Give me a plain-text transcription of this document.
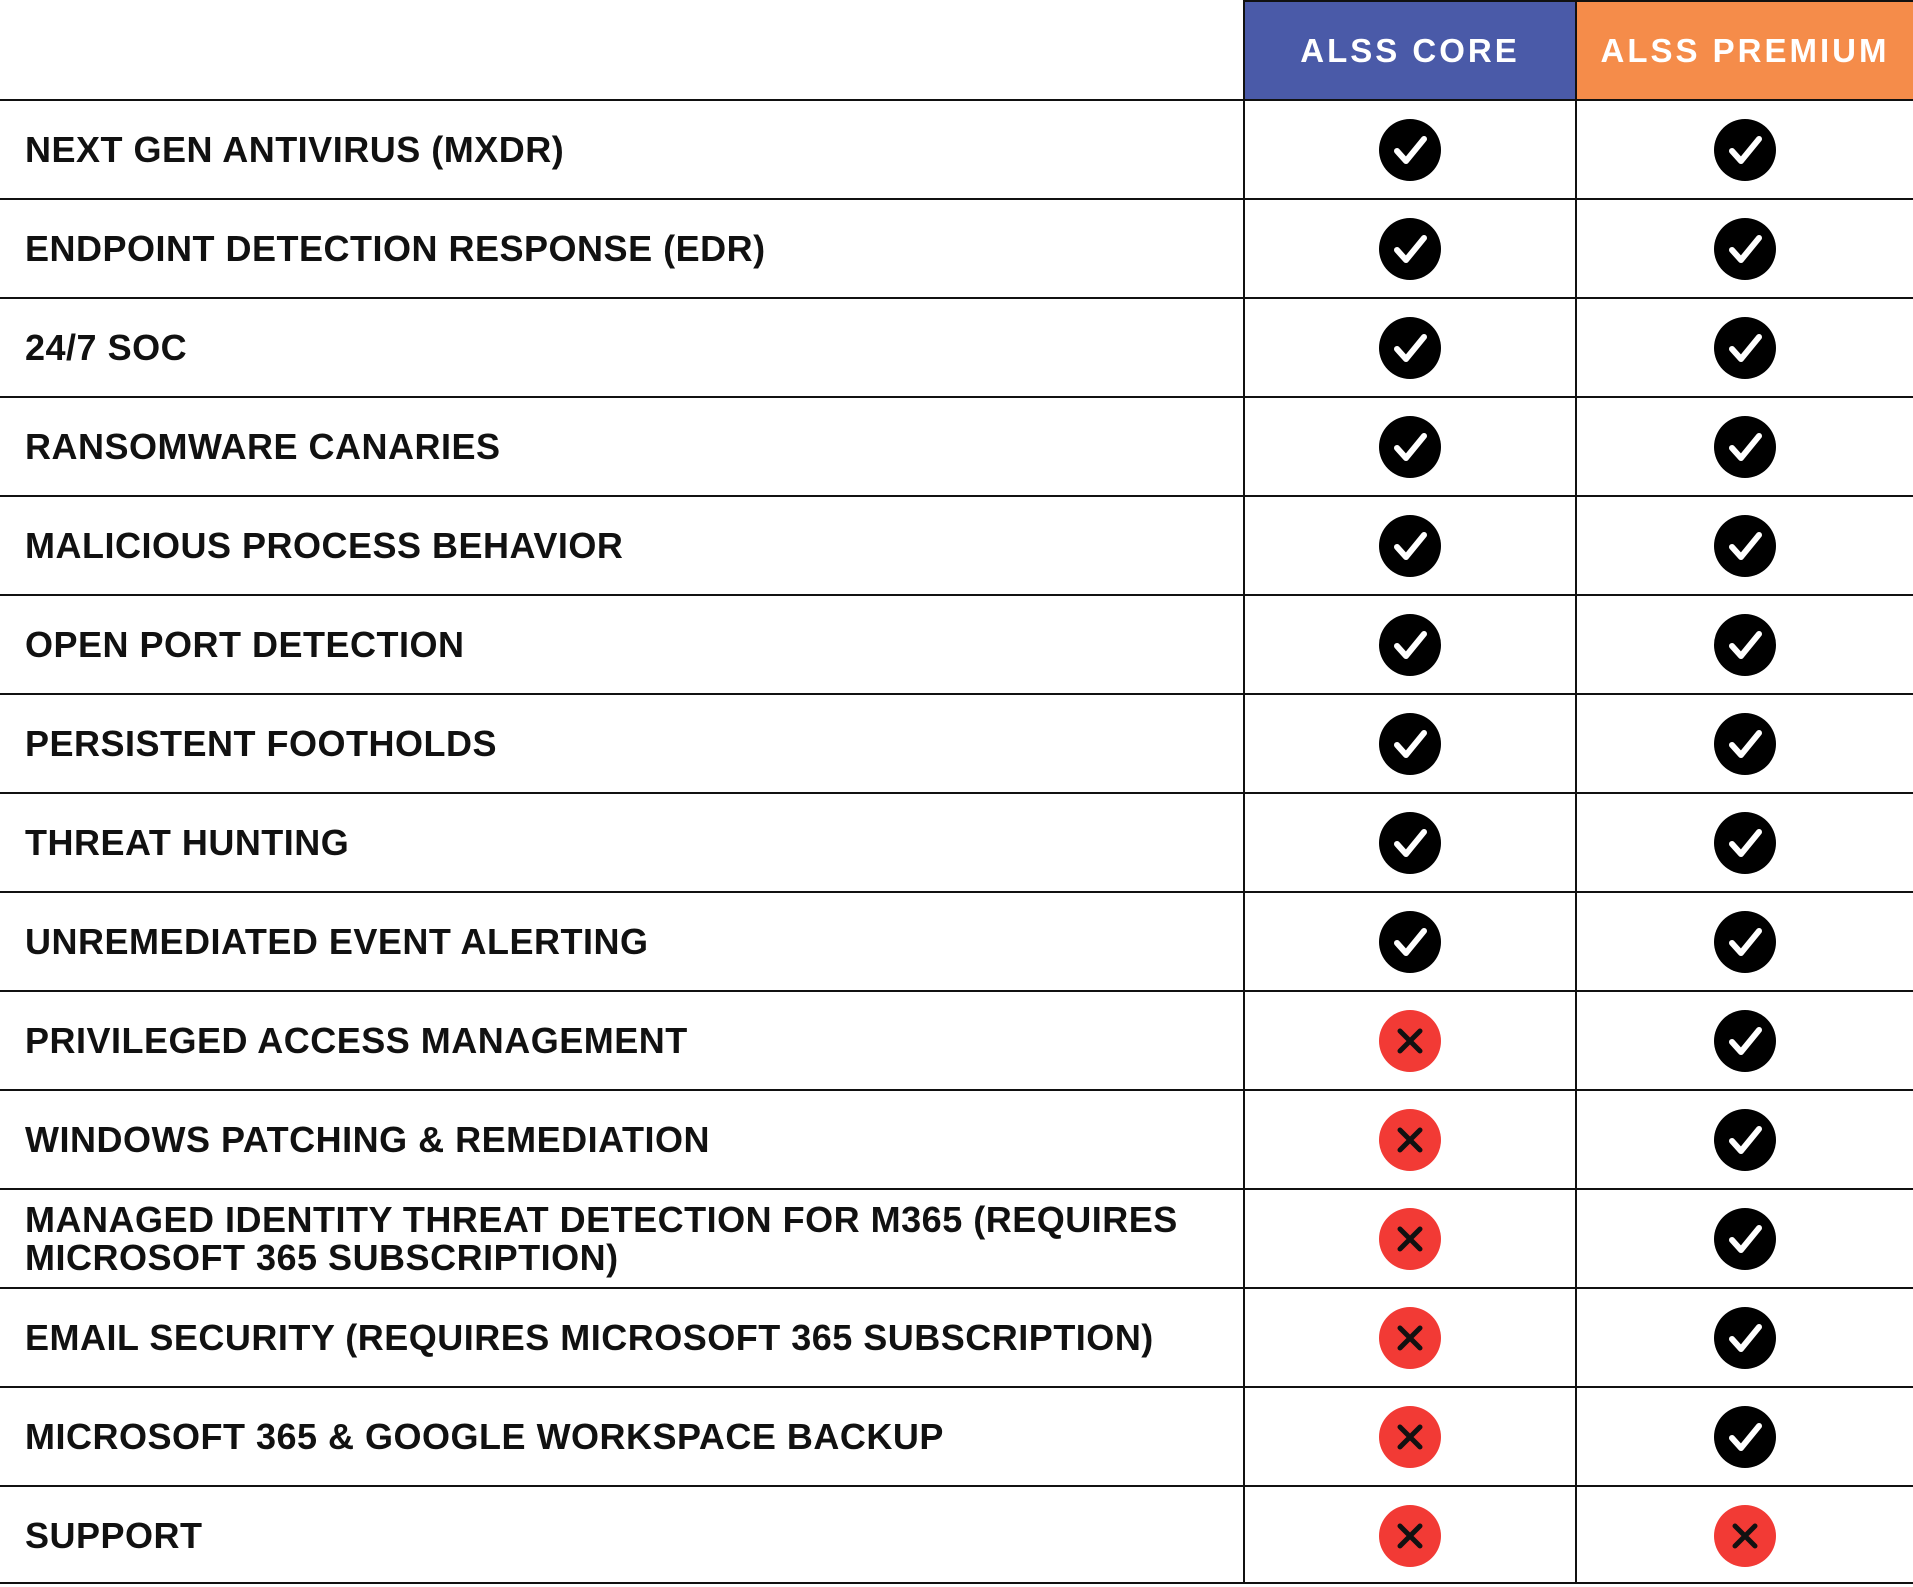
ALSS CORE ALSS PREMIUM
NEXT GEN ANTIVIRUS (MXDR)
ENDPOINT DETECTION RESPONSE (EDR)
24/7 SOC
RANSOMWARE CANARIES
MALICIOUS PROCESS BEHAVIOR
OPEN PORT DETECTION
PERSISTENT FOOTHOLDS
THREAT HUNTING
UNREMEDIATED EVENT ALERTING
PRIVILEGED ACCESS MANAGEMENT
WINDOWS PATCHING & REMEDIATION
MANAGED IDENTITY THREAT DETECTION FOR M365 (REQUIRES MICROSOFT 365 SUBSCRIPTION)
EMAIL SECURITY (REQUIRES MICROSOFT 365 SUBSCRIPTION)
MICROSOFT 365 & GOOGLE WORKSPACE BACKUP
SUPPORT
